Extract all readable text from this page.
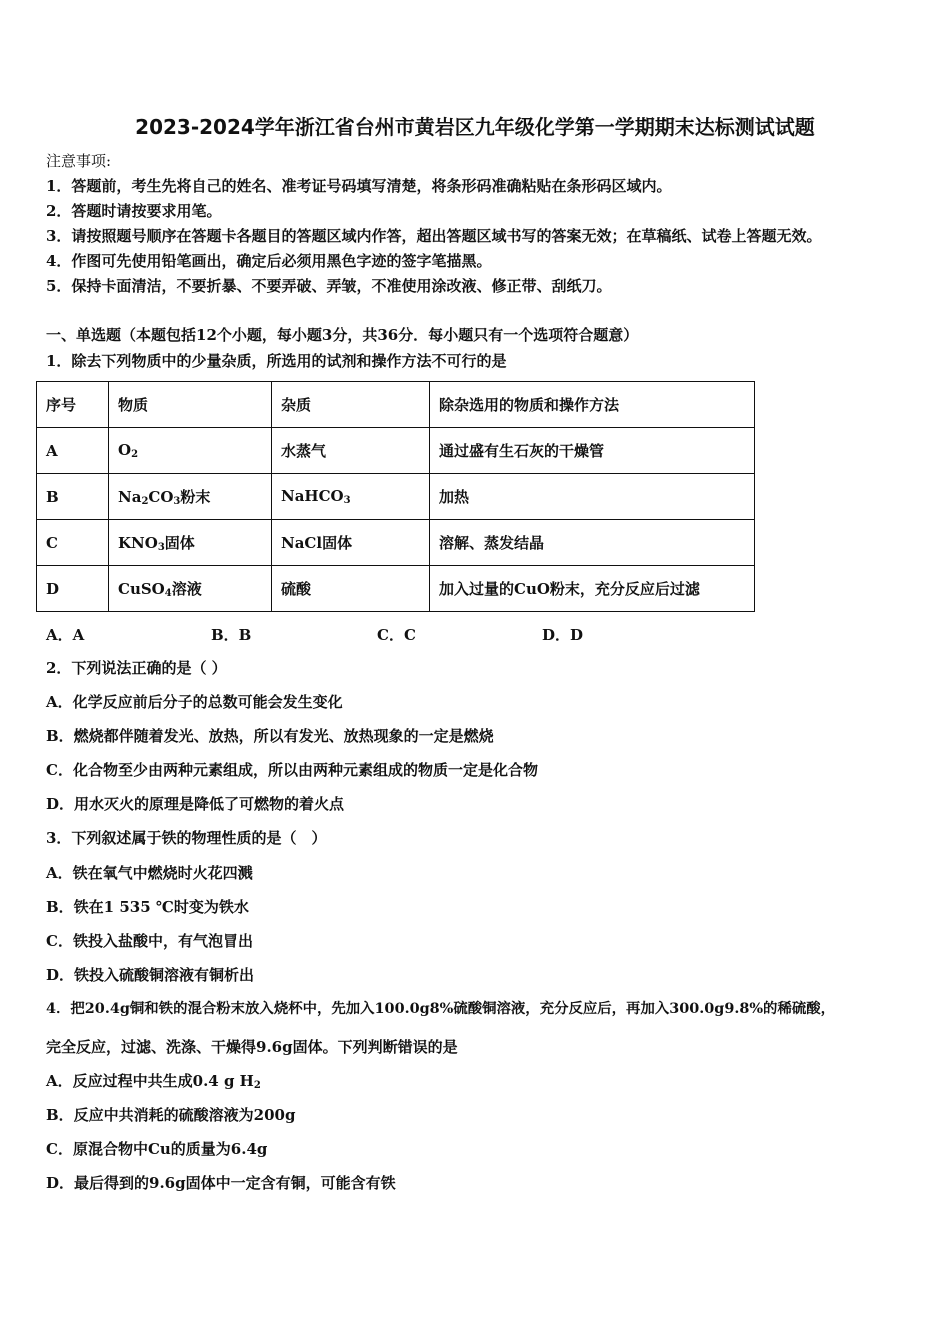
2023-2024学年浙江省台州市黄岩区九年级化学第一学期期末达标测试试题
注意事项:
1．答题前，考生先将自己的姓名、准考证号码填写清楚，将条形码准确粘贴在条形码区域内。
2．答题时请按要求用笔。
3．请按照题号顺序在答题卡各题目的答题区域内作答，超出答题区域书写的答案无效；在草稿纸、试卷上答题无效。
4．作图可先使用铅笔画出，确定后必须用黑色字迹的签字笔描黑。
5．保持卡面清洁，不要折暴、不要弄破、弄皱，不准使用涂改液、修正带、刮纸刀。
一、单选题（本题包括12个小题，每小题3分，共36分．每小题只有一个选项符合题意）
1．除去下列物质中的少量杂质，所选用的试剂和操作方法不可行的是
序号	物质	杂质	除杂选用的物质和操作方法
A	$O_2$	水蒸气	通过盛有生石灰的干燥管
B	$Na_2CO_3$粉末	NaHCO$_3$	加热
C	$KNO_3$固体	NaCl固体	溶解、蒸发结晶
D	CuSO$_4$溶液	硫酸	加入过量的CuO粉末，充分反应后过滤
A．A	B．B	C．C	D．D
2．下列说法正确的是（ ）
A．化学反应前后分子的总数可能会发生变化
B．燃烧都伴随着发光、放热，所以有发光、放热现象的一定是燃烧
C．化合物至少由两种元素组成，所以由两种元素组成的物质一定是化合物
D．用水灭火的原理是降低了可燃物的着火点
3．下列叙述属于铁的物理性质的是（　）
A．铁在氧气中燃烧时火花四溅
B．铁在1 535 ℃时变为铁水
C．铁投入盐酸中，有气泡冒出
D．铁投入硫酸铜溶液有铜析出
4．把20.4g铜和铁的混合粉末放入烧杯中，先加入100.0g8%硫酸铜溶液，充分反应后，再加入300.0g9.8%的稀硫酸，
完全反应，过滤、洗涤、干燥得9.6g固体。下列判断错误的是
A．反应过程中共生成0.4 g $H_2$
B．反应中共消耗的硫酸溶液为200g
C．原混合物中Cu的质量为6.4g
D．最后得到的9.6g固体中一定含有铜，可能含有铁
